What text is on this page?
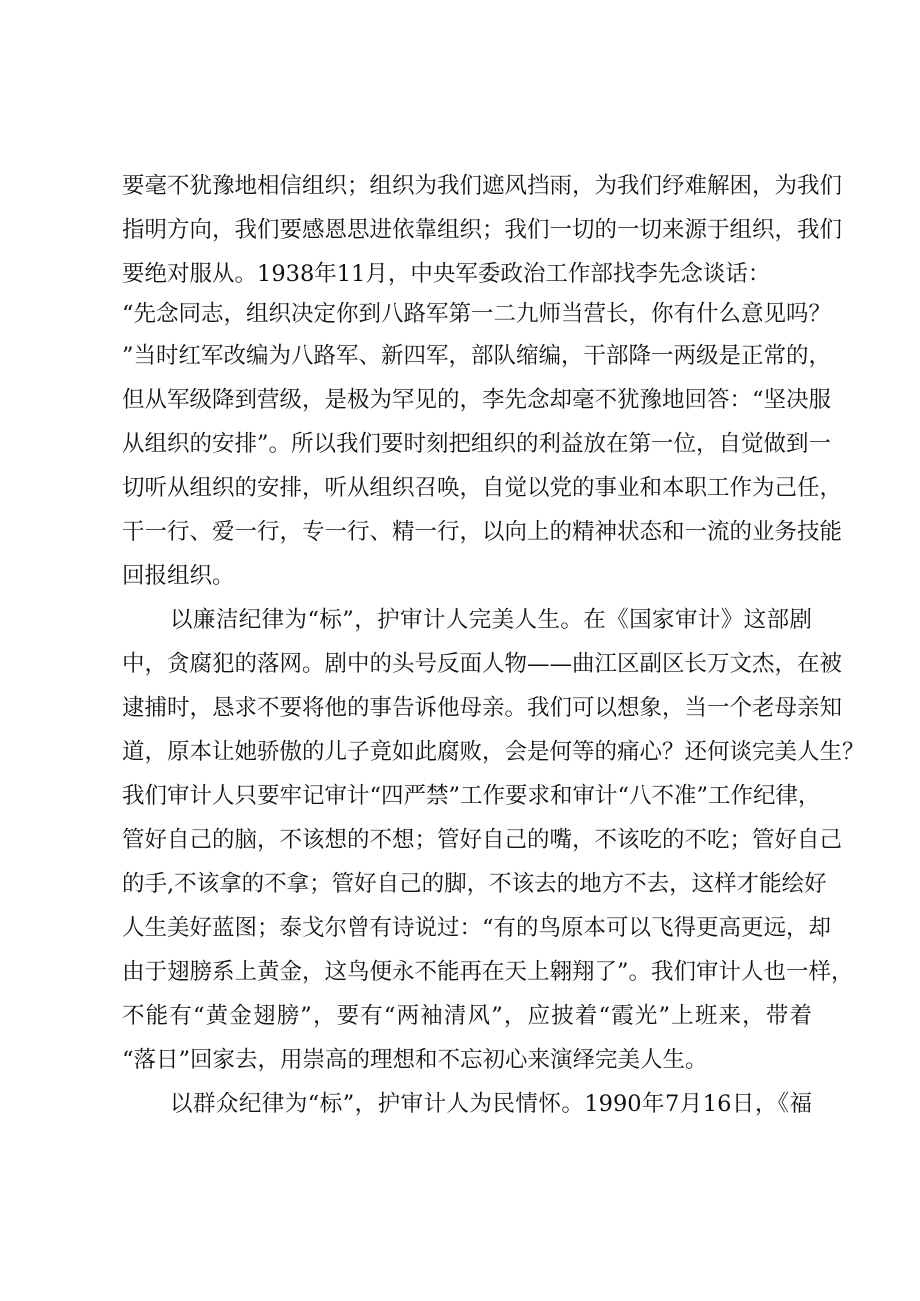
要毫不犹豫地相信组织；组织为我们遮风挡雨，为我们纾难解困，为我们
指明方向，我们要感恩思进依靠组织；我们一切的一切来源于组织，我们
要绝对服从。1938年11月，中央军委政治工作部找李先念谈话：
“先念同志，组织决定你到八路军第一二九师当营长，你有什么意见吗？
”当时红军改编为八路军、新四军，部队缩编，干部降一两级是正常的，
但从军级降到营级，是极为罕见的，李先念却毫不犹豫地回答：“坚决服
从组织的安排”。所以我们要时刻把组织的利益放在第一位，自觉做到一
切听从组织的安排，听从组织召唤，自觉以党的事业和本职工作为己任，
干一行、爱一行，专一行、精一行，以向上的精神状态和一流的业务技能
回报组织。
以廉洁纪律为“标”，护审计人完美人生。在《国家审计》这部剧
中，贪腐犯的落网。剧中的头号反面人物——曲江区副区长万文杰，在被
逮捕时，恳求不要将他的事告诉他母亲。我们可以想象，当一个老母亲知
道，原本让她骄傲的儿子竟如此腐败，会是何等的痛心？还何谈完美人生？
我们审计人只要牢记审计“四严禁”工作要求和审计“八不准”工作纪律，
管好自己的脑，不该想的不想；管好自己的嘴，不该吃的不吃；管好自己
的手,不该拿的不拿；管好自己的脚，不该去的地方不去，这样才能绘好
人生美好蓝图；泰戈尔曾有诗说过：“有的鸟原本可以飞得更高更远，却
由于翅膀系上黄金，这鸟便永不能再在天上翱翔了”。我们审计人也一样，
不能有“黄金翅膀”，要有“两袖清风”，应披着“霞光”上班来，带着
“落日”回家去，用崇高的理想和不忘初心来演绎完美人生。
以群众纪律为“标”，护审计人为民情怀。1990年7月16日，《福
